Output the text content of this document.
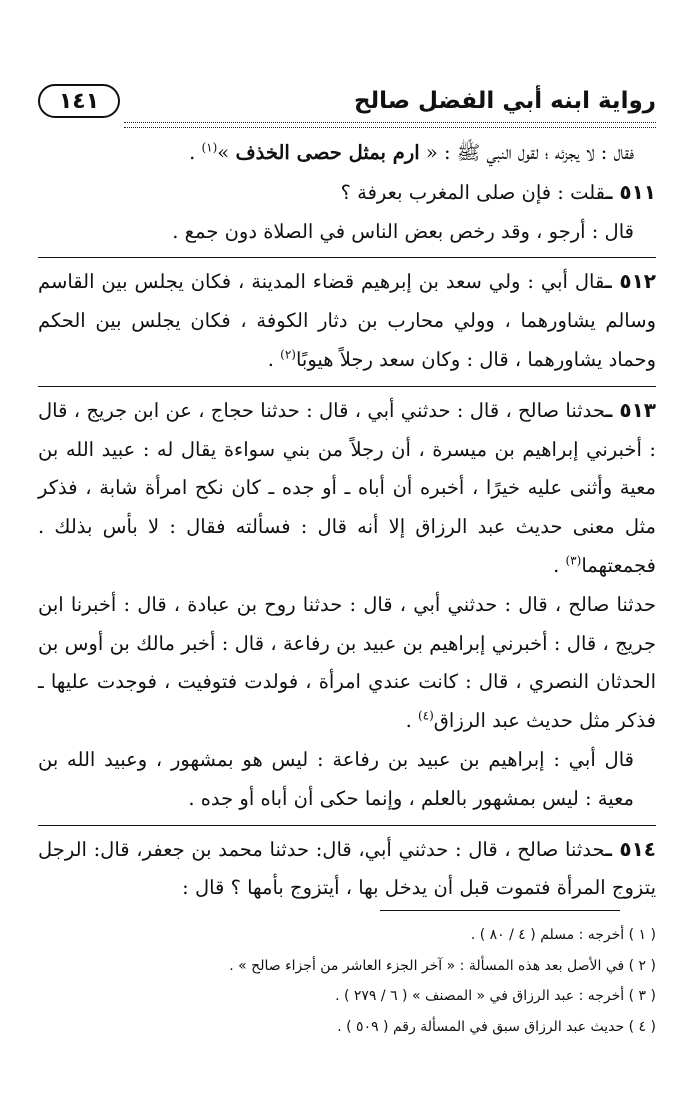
رواية ابنه أبي الفضل صالح
١٤١

فقال : لا يجزئه ؛ لقول النبي ﷺ : « ارم بمثل حصى الخذف »$^{(١)}$ .

٥١١ ـقلت : فإن صلى المغرب بعرفة ؟

قال : أرجو ، وقد رخص بعض الناس في الصلاة دون جمع .

٥١٢ ـقال أبي : ولي سعد بن إبرهيم قضاء المدينة ، فكان يجلس بين القاسم وسالم يشاورهما ، وولي محارب بن دثار الكوفة ، فكان يجلس بين الحكم وحماد يشاورهما ، قال : وكان سعد رجلاً هيوبًا$^{(٢)}$ .

٥١٣ ـحدثنا صالح ، قال : حدثني أبي ، قال : حدثنا حجاج ، عن ابن جريج ، قال : أخبرني إبراهيم بن ميسرة ، أن رجلاً من بني سواءة يقال له : عبيد الله بن معية وأثنى عليه خيرًا ، أخبره أن أباه ـ أو جده ـ كان نكح امرأة شابة ، فذكر مثل معنى حديث عبد الرزاق إلا أنه قال : فسألته فقال : لا بأس بذلك . فجمعتهما$^{(٣)}$ .

حدثنا صالح ، قال : حدثني أبي ، قال : حدثنا روح بن عبادة ، قال : أخبرنا ابن جريج ، قال : أخبرني إبراهيم بن عبيد بن رفاعة ، قال : أخبر مالك بن أوس بن الحدثان النصري ، قال : كانت عندي امرأة ، فولدت فتوفيت ، فوجدت عليها ـ فذكر مثل حديث عبد الرزاق$^{(٤)}$ .

قال أبي : إبراهيم بن عبيد بن رفاعة : ليس هو بمشهور ، وعبيد الله بن معية : ليس بمشهور بالعلم ، وإنما حكى أن أباه أو جده .

٥١٤ ـحدثنا صالح ، قال : حدثني أبي، قال: حدثنا محمد بن جعفر، قال: الرجل يتزوج المرأة فتموت قبل أن يدخل بها ، أيتزوج بأمها ؟ قال :

( ١ ) أخرجه : مسلم ( ٤ / ٨٠ ) .

( ٢ ) في الأصل بعد هذه المسألة : « آخر الجزء العاشر من أجزاء صالح » .

( ٣ ) أخرجه : عبد الرزاق في « المصنف » ( ٦ / ٢٧٩ ) .

( ٤ ) حديث عبد الرزاق سبق في المسألة رقم ( ٥٠٩ ) .
